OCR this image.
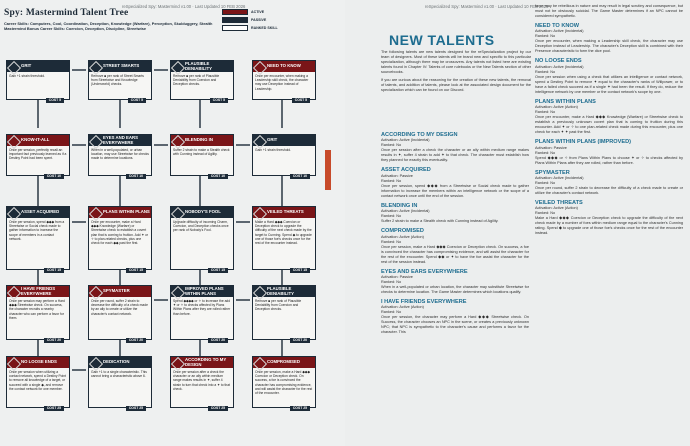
reSpecialized Spy: Mastermind v1.00 · Last Updated 10 FEB 2026
Spy: Mastermind Talent Tree
Career Skills: Computers, Cool, Coordination, Deception, Knowledge (Warfare), Perception, Skulduggery, Stealth
Mastermind Bonus Career Skills: Coercion, Deception, Discipline, Streetwise
ACTIVE
PASSIVE
RANKED SKILL
GRIT
Gain +1 strain threshold.
COST 5
STREET SMARTS
Remove ■ per rank of Street Smarts from Streetwise and Knowledge (Underworld) checks.
COST 5
PLAUSIBLE DENIABILITY
Remove ■ per rank of Plausible Deniability from Coercion and Deception checks.
COST 5
NEED TO KNOW
Once per encounter, when making a Leadership skill check, the character may use Deception instead of Leadership.
COST 5
KNOW-IT-ALL
Once per session, perfectly recall an important fact previously learned as if a Destiny Point had been spent.
COST 10
EYES AND EARS EVERYWHERE
When in a well-populated, or urban location, may use Streetwise for checks made to determine locations.
COST 10
BLENDING IN
Suffer 2 strain to make a Stealth check with Cunning instead of Agility.
COST 10
GRIT
Gain +1 strain threshold.
COST 10
ASSET ACQUIRED
Once per session, spend ◆◆◆ from a Streetwise or Social check made to gather information to increase the scope of members in a contact network.
COST 15
PLANS WITHIN PLANS
Once per encounter, make a Hard ◆◆◆ Knowledge (Warfare) or Streetwise check to establish a covert plan that is coming to fruition. Add ✦ or ✧ to plan-related checks, plus one check for each ◆◆ past the first.
COST 15
NOBODY'S FOOL
Upgrade difficulty of incoming Charm, Coercion, and Deception checks once per rank of Nobody's Fool.
COST 15
VEILED THREATS
Make a Hard ◆◆◆ Coercion or Deception check to upgrade the difficulty of the next check made by the target to Cunning. Spend ◆ to upgrade one of those foe's checks once for the rest of the encounter instead.
COST 15
I HAVE FRIENDS EVERYWHERE
Once per session may perform a Hard ◆◆◆ Streetwise check. On success, the character recruits a nearby character who can perform a favor for them.
COST 20
SPYMASTER
Once per round, suffer 2 strain to decrease the difficulty of a check made by an ally to create or utilize the character's contact network.
COST 20
IMPROVED PLANS WITHIN PLANS
Spend ◆◆◆◆ or ✧ to increase the add ✦ or ✧ to checks affected by Plans Within Plans after they are rolled rather than before.
COST 20
PLAUSIBLE DENIABILITY
Remove ■ per rank of Plausible Deniability from Coercion and Deception checks.
COST 20
NO LOOSE ENDS
Once per session when utilizing a contact network, spend a Destiny Point to remove all knowledge of a target, or succeed with a single ◆, and remove the contact network for one member.
COST 25
DEDICATION
Gain +1 to a single characteristic. This cannot bring a characteristic above 6.
COST 25
ACCORDING TO MY DESIGN
Once per session after a check the character or an ally within medium range makes results in ✦, suffer 4 strain to turn that check into a ✦ to that check.
COST 25
COMPROMISED
Once per session, make a Hard ◆◆◆ Coercion or Deception check. On success, a foe is convinced the character has compromising evidence, and will assist the character for the rest of the encounter.
COST 25
reSpecialized Spy: Mastermind v1.00 · Last Updated 10 FEB 2026
NEW TALENTS

The following talents are new talents designed for the reSpecialization project by our team of designers. Most of these talents will be brand new and specific to this particular specialization, although there may be crossovers. Any talents not listed here are existing talents found in Chapter IV: Talents of core rulebooks or the New Talents section of other sourcebooks.

If you are curious about the reasoning for the creation of these new talents, the removal of talents, and addition of talents, please look at the associated design document for the specialization which can be found on our Discord.

ACCORDING TO MY DESIGN
Activation: Active (Incidental)
Ranked: No
Once per session after a check the character or an ally within medium range makes results in ✦, suffer 4 strain to add ✦ to that check. The character must establish how they planned for exactly this eventuality.
ASSET ACQUIRED
Activation: Passive
Ranked: No
Once per session, spend ◆◆◆ from a Streetwise or Social check made to gather information to increase the members within an intelligence network or the scope of a contact network once until the end of the session.
BLENDING IN
Activation: Active (Incidental)
Ranked: No
Suffer 2 strain to make a Stealth check with Cunning instead of Agility.
COMPROMISED
Activation: Active (Action)
Ranked: No
Once per session, make a Hard ◆◆◆ Coercion or Deception check. On success, a foe is convinced the character has compromising evidence, and will assist the character for the rest of the encounter. Spend ◆◆ or ✦ to have the foe assist the character for the rest of the session instead.
EYES AND EARS EVERYWHERE
Activation: Passive
Ranked: No
When in a well-populated or urban location, the character may substitute Streetwise for checks to determine location. The Game Master determines which locations qualify.
I HAVE FRIENDS EVERYWHERE
Activation: Active (Action)
Ranked: No
Once per session, the character may perform a Hard ◆◆◆ Streetwise check. On Success, the character chooses an NPC in the scene, or creates a previously unknown NPC; that NPC is sympathetic to the character's cause and performs a favor for the character. This

favor may be rebellious in nature and may result in legal scrutiny and consequence, but must not be obviously suicidal. The Game Master determines if an NPC cannot be considered sympathetic.

NEED TO KNOW
Activation: Active (Incidental)
Ranked: No
Once per encounter, when making a Leadership skill check, the character may use Deception instead of Leadership. The character's Deception skill is combined with their Presence characteristic to form the dice pool.
NO LOOSE ENDS
Activation: Active (Incidental)
Ranked: No
Once per session when using a check that utilizes an intelligence or contact network, spend a Destiny Point to remove ✦ equal to the character's ranks of Willpower, or to have a failed check succeed as if a single ✦ had been the result. If they do, reduce the intelligence network by one member or the contact network's scope by one.
PLANS WITHIN PLANS
Activation: Active (Action)
Ranked: No
Once per encounter, make a Hard ◆◆◆ Knowledge (Warfare) or Streetwise check to establish a previously unknown covert plan that is coming to fruition during this encounter. Add ✦ or ✧ to one plan-related check made during this encounter, plus one check for each ✦ ✦ past the first.
PLANS WITHIN PLANS (IMPROVED)
Activation: Passive
Ranked: No
Spend ◆◆◆ or ✧ from Plans Within Plans to choose ✦ or ✧ to checks affected by Plans Within Plans after they are rolled, rather than before.
SPYMASTER
Activation: Active (Incidental)
Ranked: No
Once per round, suffer 2 strain to decrease the difficulty of a check made to create or utilize the character's contact network.
VEILED THREATS
Activation: Active (Action)
Ranked: No
Make a Hard ◆◆◆ Coercion or Deception check to upgrade the difficulty of the next check made by a number of foes within medium range equal to the character's Cunning rating. Spend ◆ to upgrade one of those foe's checks once for the rest of the encounter instead.
